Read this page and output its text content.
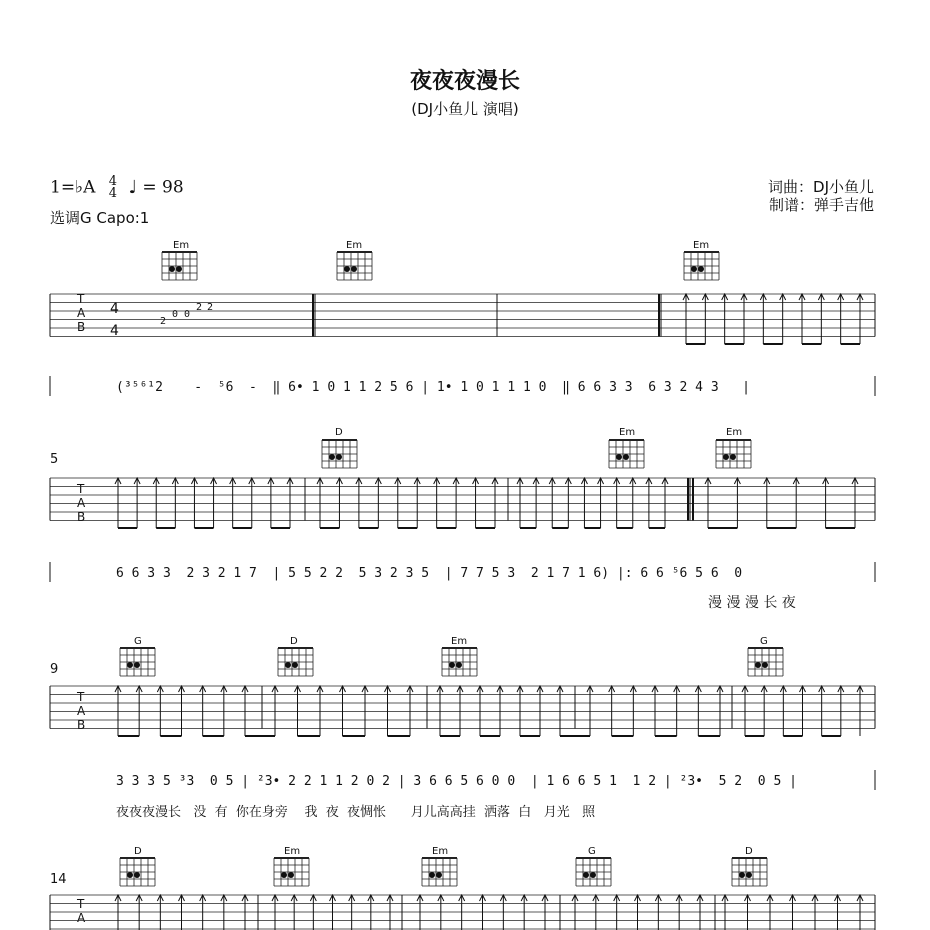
夜夜夜漫长
(DJ小鱼儿 演唱)
1=♭A 4
4 ♩ = 98
选调G Capo:1
词曲：DJ小鱼儿
制谱：弹手吉他
5
9
14
Em	Em	Em
D	Em	Em
G	D	Em	G
D	Em	Em	G	D
T
A
B
T
A
B
T
A
B
T
A
4
4
(³⁵⁶¹2    -  ⁵6  -  ‖ 6• 1 0 1 1 2 5 6 | 1• 1 0 1 1 1 0  ‖ 6 6 3 3  6 3 2 4 3   |
6 6 3 3  2 3 2 1 7  | 5 5 2 2  5 3 2 3 5  | 7 7 5 3  2 1 7 1 6) |: 6 6 ⁵6 5 6  0
3 3 3 5 ³3  0 5 | ²3• 2 2 1 1 2 0 2 | 3 6 6 5 6 0 0  | 1 6 6 5 1  1 2 | ²3•  5 2  0 5 |
漫 漫 漫 长 夜
夜夜夜漫长   没  有  你在身旁    我  夜  夜惆怅      月儿高高挂  洒落  白   月光   照
2
0 0
2 2
